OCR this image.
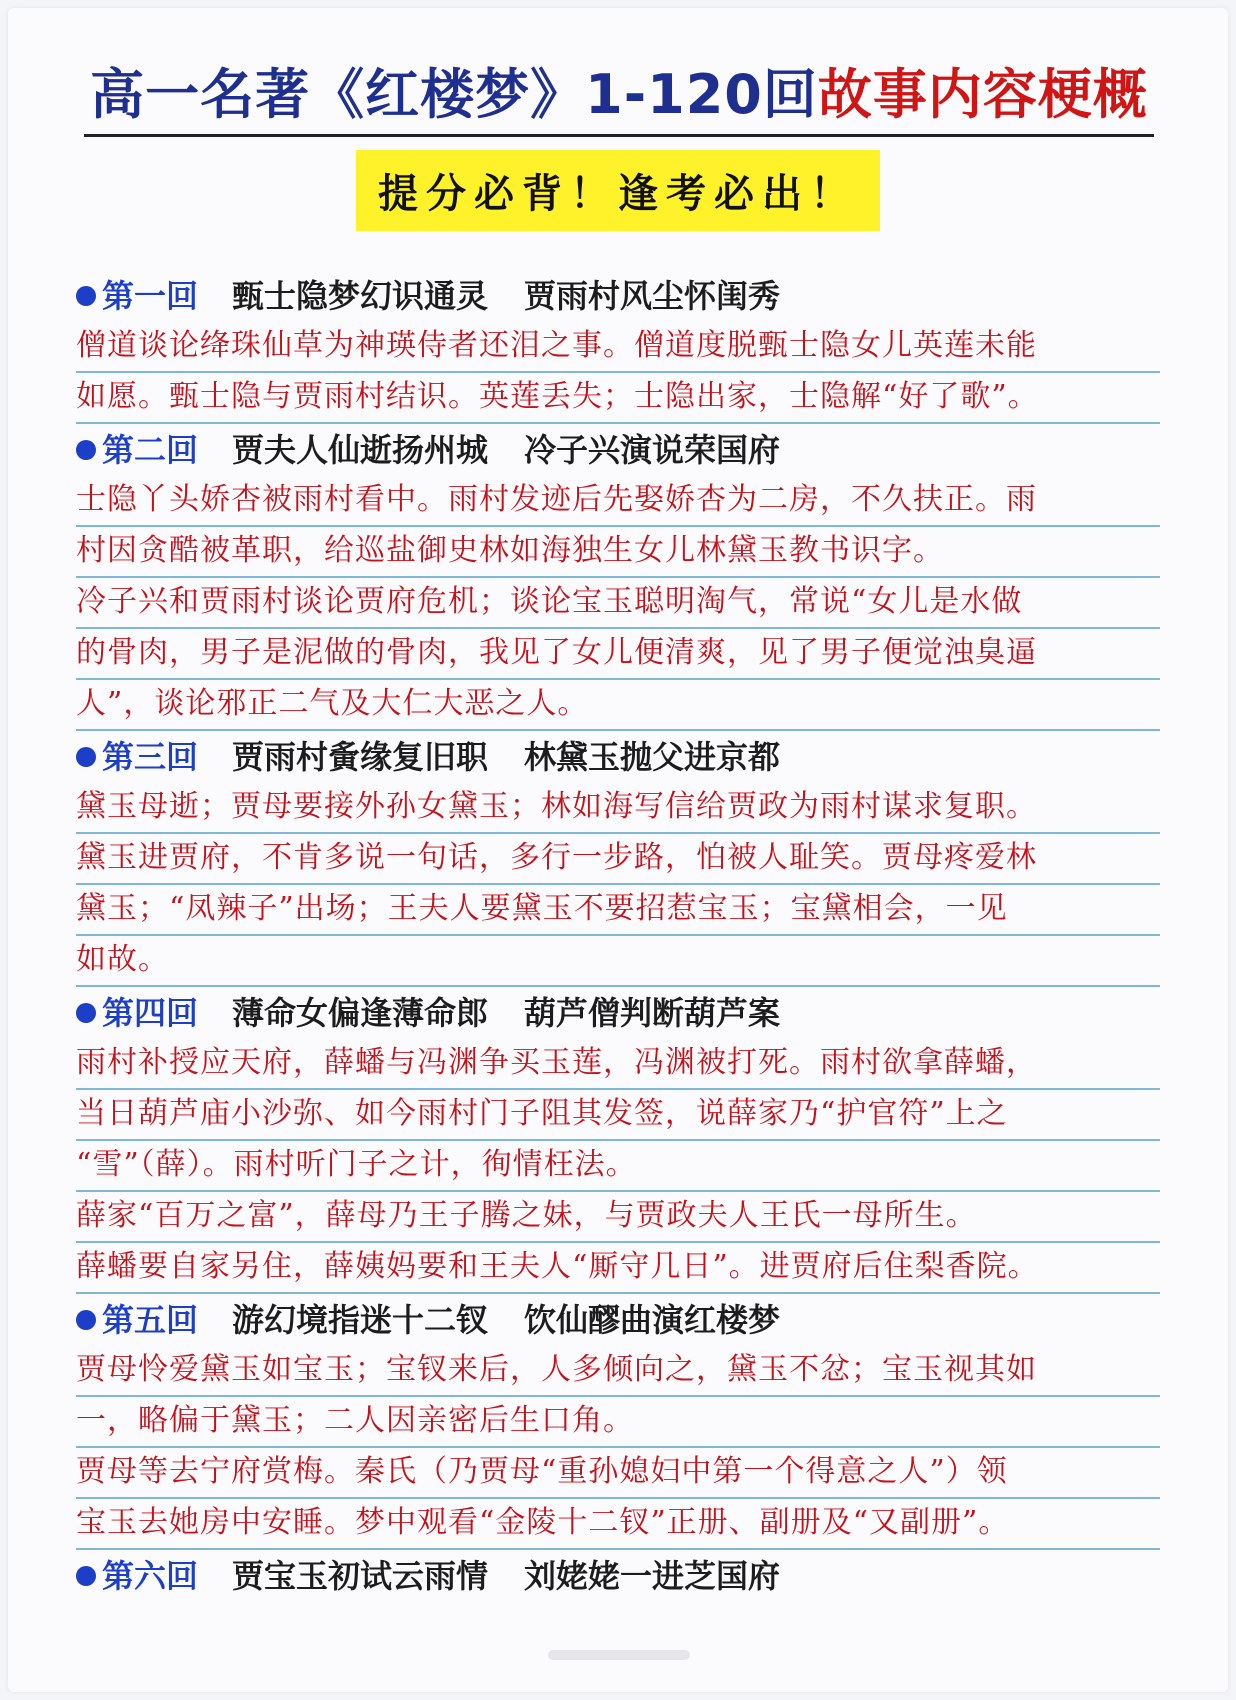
高一名著《红楼梦》1-120回故事内容梗概
提分必背！逢考必出！
第一回 甄士隐梦幻识通灵 贾雨村风尘怀闺秀
僧道谈论绛珠仙草为神瑛侍者还泪之事。僧道度脱甄士隐女儿英莲未能
如愿。甄士隐与贾雨村结识。英莲丢失；士隐出家，士隐解“好了歌”。
第二回 贾夫人仙逝扬州城 冷子兴演说荣国府
士隐丫头娇杏被雨村看中。雨村发迹后先娶娇杏为二房，不久扶正。雨
村因贪酷被革职，给巡盐御史林如海独生女儿林黛玉教书识字。
冷子兴和贾雨村谈论贾府危机；谈论宝玉聪明淘气，常说“女儿是水做
的骨肉，男子是泥做的骨肉，我见了女儿便清爽，见了男子便觉浊臭逼
人”，谈论邪正二气及大仁大恶之人。
第三回 贾雨村夤缘复旧职 林黛玉抛父进京都
黛玉母逝；贾母要接外孙女黛玉；林如海写信给贾政为雨村谋求复职。
黛玉进贾府，不肯多说一句话，多行一步路，怕被人耻笑。贾母疼爱林
黛玉；“凤辣子”出场；王夫人要黛玉不要招惹宝玉；宝黛相会，一见
如故。
第四回 薄命女偏逢薄命郎 葫芦僧判断葫芦案
雨村补授应天府，薛蟠与冯渊争买玉莲，冯渊被打死。雨村欲拿薛蟠，
当日葫芦庙小沙弥、如今雨村门子阻其发签，说薛家乃“护官符”上之
“雪”（薛）。雨村听门子之计，徇情枉法。
薛家“百万之富”，薛母乃王子腾之妹，与贾政夫人王氏一母所生。
薛蟠要自家另住，薛姨妈要和王夫人“厮守几日”。进贾府后住梨香院。
第五回 游幻境指迷十二钗 饮仙醪曲演红楼梦
贾母怜爱黛玉如宝玉；宝钗来后，人多倾向之，黛玉不忿；宝玉视其如
一，略偏于黛玉；二人因亲密后生口角。
贾母等去宁府赏梅。秦氏（乃贾母“重孙媳妇中第一个得意之人”）领
宝玉去她房中安睡。梦中观看“金陵十二钗”正册、副册及“又副册”。
第六回 贾宝玉初试云雨情 刘姥姥一进芝国府
